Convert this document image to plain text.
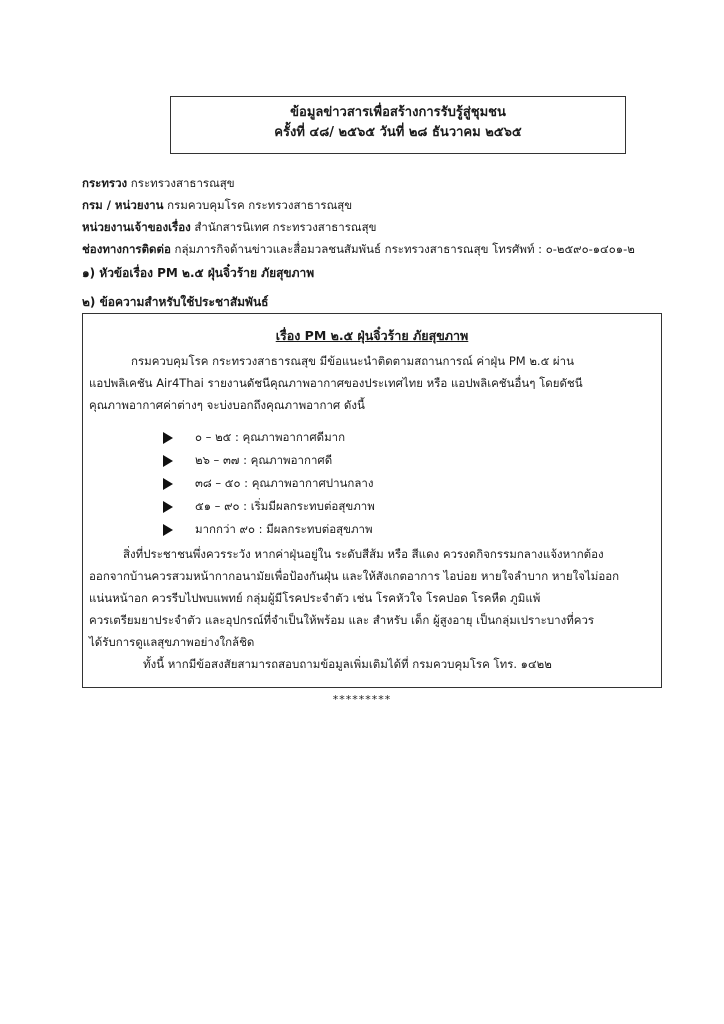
ข้อมูลข่าวสารเพื่อสร้างการรับรู้สู่ชุมชน
ครั้งที่ ๔๘/ ๒๕๖๕ วันที่ ๒๘ ธันวาคม ๒๕๖๕
กระทรวง กระทรวงสาธารณสุข
กรม / หน่วยงาน กรมควบคุมโรค กระทรวงสาธารณสุข
หน่วยงานเจ้าของเรื่อง สำนักสารนิเทศ กระทรวงสาธารณสุข
ช่องทางการติดต่อ กลุ่มภารกิจด้านข่าวและสื่อมวลชนสัมพันธ์ กระทรวงสาธารณสุข โทรศัพท์ : ๐-๒๕๙๐-๑๔๐๑-๒
๑) หัวข้อเรื่อง PM ๒.๕ ฝุ่นจิ๋วร้าย ภัยสุขภาพ
๒) ข้อความสำหรับใช้ประชาสัมพันธ์
เรื่อง PM ๒.๕ ฝุ่นจิ๋วร้าย ภัยสุขภาพ
กรมควบคุมโรค กระทรวงสาธารณสุข มีข้อแนะนำติดตามสถานการณ์ ค่าฝุ่น PM ๒.๕ ผ่าน
แอปพลิเคชัน Air4Thai รายงานดัชนีคุณภาพอากาศของประเทศไทย หรือ แอปพลิเคชันอื่นๆ โดยดัชนี
คุณภาพอากาศค่าต่างๆ จะบ่งบอกถึงคุณภาพอากาศ ดังนี้
๐ – ๒๕ : คุณภาพอากาศดีมาก
๒๖ – ๓๗ : คุณภาพอากาศดี
๓๘ – ๕๐ : คุณภาพอากาศปานกลาง
๕๑ – ๙๐ : เริ่มมีผลกระทบต่อสุขภาพ
มากกว่า ๙๐ : มีผลกระทบต่อสุขภาพ
สิ่งที่ประชาชนพึ่งควรระวัง หากค่าฝุ่นอยู่ใน ระดับสีส้ม หรือ สีแดง ควรงดกิจกรรมกลางแจ้งหากต้อง
ออกจากบ้านควรสวมหน้ากากอนามัยเพื่อป้องกันฝุ่น และให้สังเกตอาการ ไอบ่อย หายใจลำบาก หายใจไม่ออก
แน่นหน้าอก ควรรีบไปพบแพทย์ กลุ่มผู้มีโรคประจำตัว เช่น โรคหัวใจ โรคปอด โรคหืด ภูมิแพ้
ควรเตรียมยาประจำตัว และอุปกรณ์ที่จำเป็นให้พร้อม และ สำหรับ เด็ก ผู้สูงอายุ เป็นกลุ่มเปราะบางที่ควร
ได้รับการดูแลสุขภาพอย่างใกล้ชิด
ทั้งนี้ หากมีข้อสงสัยสามารถสอบถามข้อมูลเพิ่มเติมได้ที่ กรมควบคุมโรค โทร. ๑๔๒๒
*********
